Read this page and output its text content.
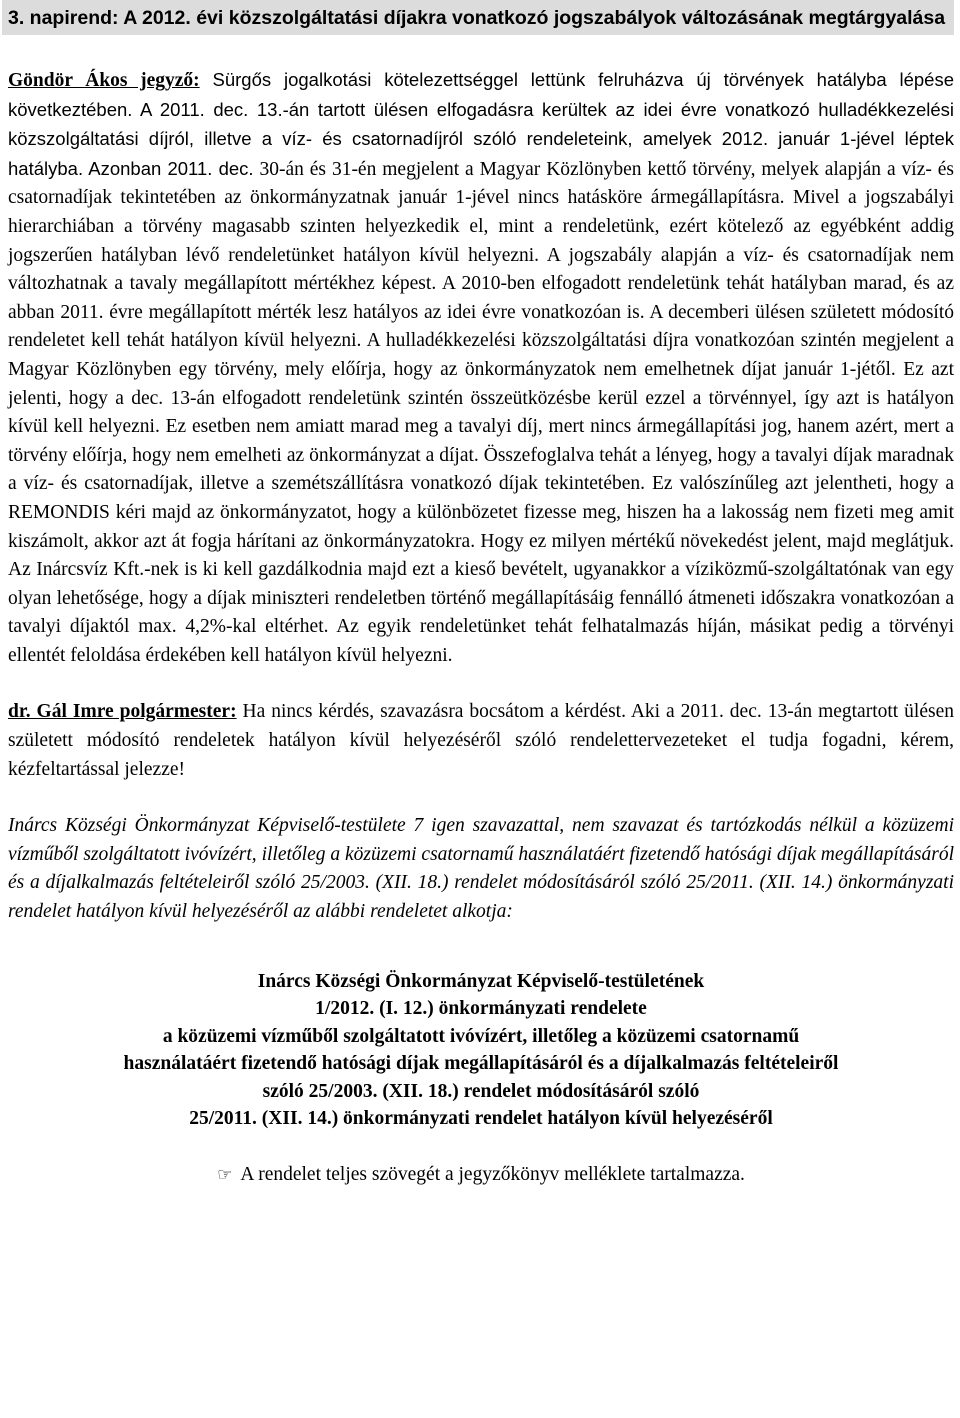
3. napirend: A 2012. évi közszolgáltatási díjakra vonatkozó jogszabályok változásának megtárgyalása

Göndör Ákos jegyző: Sürgős jogalkotási kötelezettséggel lettünk felruházva új törvények hatályba lépése következtében. A 2011. dec. 13.-án tartott ülésen elfogadásra kerültek az idei évre vonatkozó hulladékkezelési közszolgáltatási díjról, illetve a víz- és csatornadíjról szóló rendeleteink, amelyek 2012. január 1-jével léptek hatályba. Azonban 2011. dec. 30-án és 31-én megjelent a Magyar Közlönyben kettő törvény, melyek alapján a víz- és csatornadíjak tekintetében az önkormányzatnak január 1-jével nincs hatásköre ármegállapításra. Mivel a jogszabályi hierarchiában a törvény magasabb szinten helyezkedik el, mint a rendeletünk, ezért kötelező az egyébként addig jogszerűen hatályban lévő rendeletünket hatályon kívül helyezni. A jogszabály alapján a víz- és csatornadíjak nem változhatnak a tavaly megállapított mértékhez képest. A 2010-ben elfogadott rendeletünk tehát hatályban marad, és az abban 2011. évre megállapított mérték lesz hatályos az idei évre vonatkozóan is. A decemberi ülésen született módosító rendeletet kell tehát hatályon kívül helyezni. A hulladékkezelési közszolgáltatási díjra vonatkozóan szintén megjelent a Magyar Közlönyben egy törvény, mely előírja, hogy az önkormányzatok nem emelhetnek díjat január 1-jétől. Ez azt jelenti, hogy a dec. 13-án elfogadott rendeletünk szintén összeütközésbe kerül ezzel a törvénnyel, így azt is hatályon kívül kell helyezni. Ez esetben nem amiatt marad meg a tavalyi díj, mert nincs ármegállapítási jog, hanem azért, mert a törvény előírja, hogy nem emelheti az önkormányzat a díjat. Összefoglalva tehát a lényeg, hogy a tavalyi díjak maradnak a víz- és csatornadíjak, illetve a szemétszállításra vonatkozó díjak tekintetében. Ez valószínűleg azt jelentheti, hogy a REMONDIS kéri majd az önkormányzatot, hogy a különbözetet fizesse meg, hiszen ha a lakosság nem fizeti meg amit kiszámolt, akkor azt át fogja hárítani az önkormányzatokra. Hogy ez milyen mértékű növekedést jelent, majd meglátjuk. Az Inárcsvíz Kft.-nek is ki kell gazdálkodnia majd ezt a kieső bevételt, ugyanakkor a víziközmű-szolgáltatónak van egy olyan lehetősége, hogy a díjak miniszteri rendeletben történő megállapításáig fennálló átmeneti időszakra vonatkozóan a tavalyi díjaktól max. 4,2%-kal eltérhet. Az egyik rendeletünket tehát felhatalmazás híján, másikat pedig a törvényi ellentét feloldása érdekében kell hatályon kívül helyezni.

dr. Gál Imre polgármester: Ha nincs kérdés, szavazásra bocsátom a kérdést. Aki a 2011. dec. 13-án megtartott ülésen született módosító rendeletek hatályon kívül helyezéséről szóló rendelettervezeteket el tudja fogadni, kérem, kézfeltartással jelezze!

Inárcs Községi Önkormányzat Képviselő-testülete 7 igen szavazattal, nem szavazat és tartózkodás nélkül a közüzemi vízműből szolgáltatott ivóvízért, illetőleg a közüzemi csatornamű használatáért fizetendő hatósági díjak megállapításáról és a díjalkalmazás feltételeiről szóló 25/2003. (XII. 18.) rendelet módosításáról szóló 25/2011. (XII. 14.) önkormányzati rendelet hatályon kívül helyezéséről az alábbi rendeletet alkotja:

Inárcs Községi Önkormányzat Képviselő-testületének
1/2012. (I. 12.) önkormányzati rendelete
a közüzemi vízműből szolgáltatott ivóvízért, illetőleg a közüzemi csatornamű
használatáért fizetendő hatósági díjak megállapításáról és a díjalkalmazás feltételeiről
szóló 25/2003. (XII. 18.) rendelet módosításáról szóló
25/2011. (XII. 14.) önkormányzati rendelet hatályon kívül helyezéséről
☞ A rendelet teljes szövegét a jegyzőkönyv melléklete tartalmazza.
